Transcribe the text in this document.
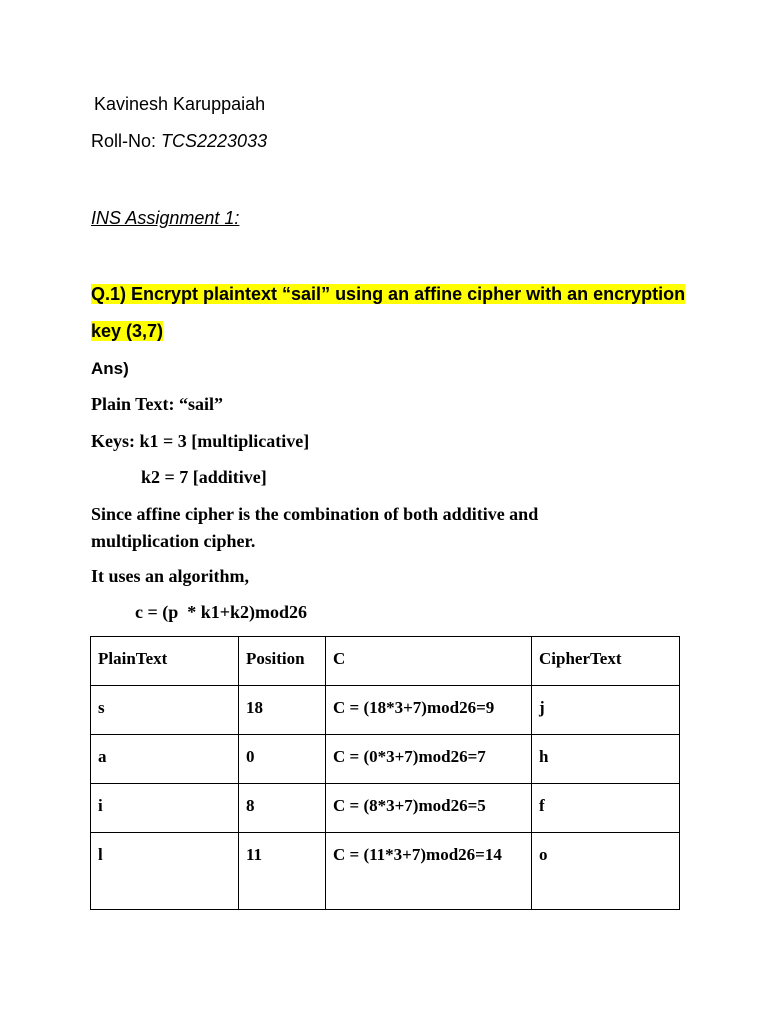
Kavinesh Karuppaiah
Roll-No: TCS2223033
INS Assignment 1:
Q.1) Encrypt plaintext “sail” using an affine cipher with an encryption
key (3,7)
Ans)
Plain Text: “sail”
Keys: k1 = 3 [multiplicative]
k2 = 7 [additive]
Since affine cipher is the combination of both additive and
multiplication cipher.
It uses an algorithm,
c = (p  * k1+k2)mod26
PlainText	Position	C	CipherText
s	18	C = (18*3+7)mod26=9	j
a	0	C = (0*3+7)mod26=7	h
i	8	C = (8*3+7)mod26=5	f
l	11	C = (11*3+7)mod26=14	o
